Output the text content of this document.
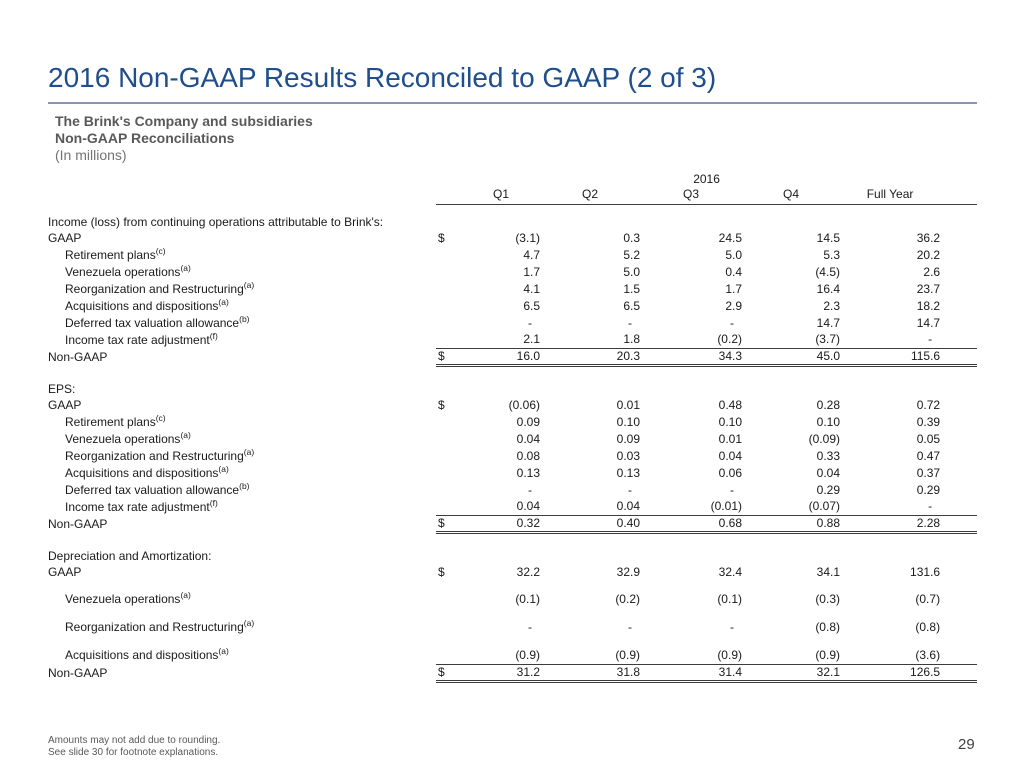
2016 Non-GAAP Results Reconciled to GAAP (2 of 3)
The Brink's Company and subsidiaries
Non-GAAP Reconciliations
(In millions)
	2016					
		Q1	Q2	Q3	Q4	Full Year

Income (loss) from continuing operations attributable to Brink's:						
GAAP	$	(3.1)	0.3	24.5	14.5	36.2
Retirement plans$^{(c)}$		4.7	5.2	5.0	5.3	20.2
Venezuela operations$^{(a)}$		1.7	5.0	0.4	(4.5)	2.6
Reorganization and Restructuring$^{(a)}$		4.1	1.5	1.7	16.4	23.7
Acquisitions and dispositions$^{(a)}$		6.5	6.5	2.9	2.3	18.2
Deferred tax valuation allowance$^{(b)}$		-	-	-	14.7	14.7
Income tax rate adjustment$^{(f)}$		2.1	1.8	(0.2)	(3.7)	-
Non-GAAP	$	16.0	20.3	34.3	45.0	115.6

EPS:						
GAAP	$	(0.06)	0.01	0.48	0.28	0.72
Retirement plans$^{(c)}$		0.09	0.10	0.10	0.10	0.39
Venezuela operations$^{(a)}$		0.04	0.09	0.01	(0.09)	0.05
Reorganization and Restructuring$^{(a)}$		0.08	0.03	0.04	0.33	0.47
Acquisitions and dispositions$^{(a)}$		0.13	0.13	0.06	0.04	0.37
Deferred tax valuation allowance$^{(b)}$		-	-	-	0.29	0.29
Income tax rate adjustment$^{(f)}$		0.04	0.04	(0.01)	(0.07)	-
Non-GAAP	$	0.32	0.40	0.68	0.88	2.28

Depreciation and Amortization:						
GAAP	$	32.2	32.9	32.4	34.1	131.6
Venezuela operations$^{(a)}$		(0.1)	(0.2)	(0.1)	(0.3)	(0.7)
Reorganization and Restructuring$^{(a)}$		-	-	-	(0.8)	(0.8)
Acquisitions and dispositions$^{(a)}$		(0.9)	(0.9)	(0.9)	(0.9)	(3.6)
Non-GAAP	$	31.2	31.8	31.4	32.1	126.5
Amounts may not add due to rounding.
See slide 30 for footnote explanations.	29
